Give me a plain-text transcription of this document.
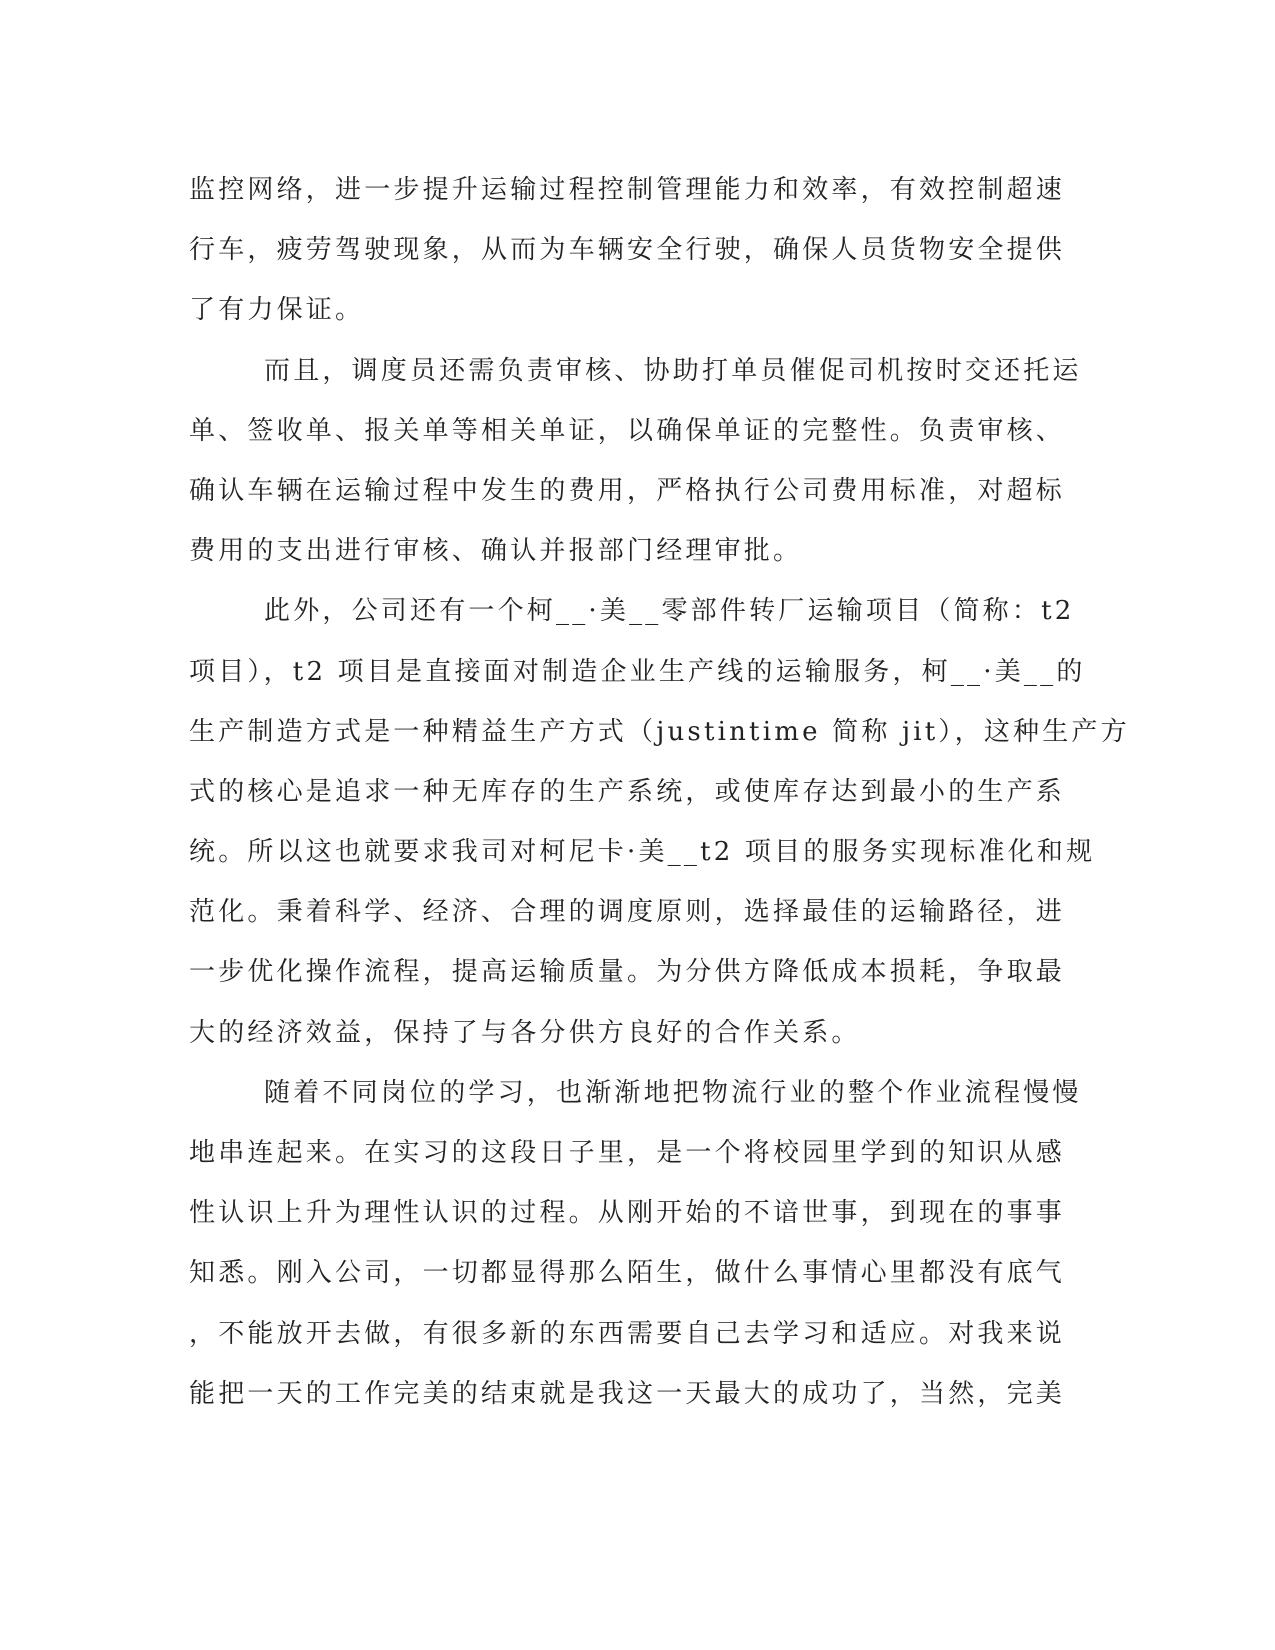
监控网络，进一步提升运输过程控制管理能力和效率，有效控制超速
行车，疲劳驾驶现象，从而为车辆安全行驶，确保人员货物安全提供
了有力保证。
而且，调度员还需负责审核、协助打单员催促司机按时交还托运
单、签收单、报关单等相关单证，以确保单证的完整性。负责审核、
确认车辆在运输过程中发生的费用，严格执行公司费用标准，对超标
费用的支出进行审核、确认并报部门经理审批。
此外，公司还有一个柯__·美__零部件转厂运输项目（简称：t2
项目），t2 项目是直接面对制造企业生产线的运输服务，柯__·美__的
生产制造方式是一种精益生产方式（justintime 简称 jit），这种生产方
式的核心是追求一种无库存的生产系统，或使库存达到最小的生产系
统。所以这也就要求我司对柯尼卡·美__t2 项目的服务实现标准化和规
范化。秉着科学、经济、合理的调度原则，选择最佳的运输路径，进
一步优化操作流程，提高运输质量。为分供方降低成本损耗，争取最
大的经济效益，保持了与各分供方良好的合作关系。
随着不同岗位的学习，也渐渐地把物流行业的整个作业流程慢慢
地串连起来。在实习的这段日子里，是一个将校园里学到的知识从感
性认识上升为理性认识的过程。从刚开始的不谙世事，到现在的事事
知悉。刚入公司，一切都显得那么陌生，做什么事情心里都没有底气
，不能放开去做，有很多新的东西需要自己去学习和适应。对我来说
能把一天的工作完美的结束就是我这一天最大的成功了，当然，完美
